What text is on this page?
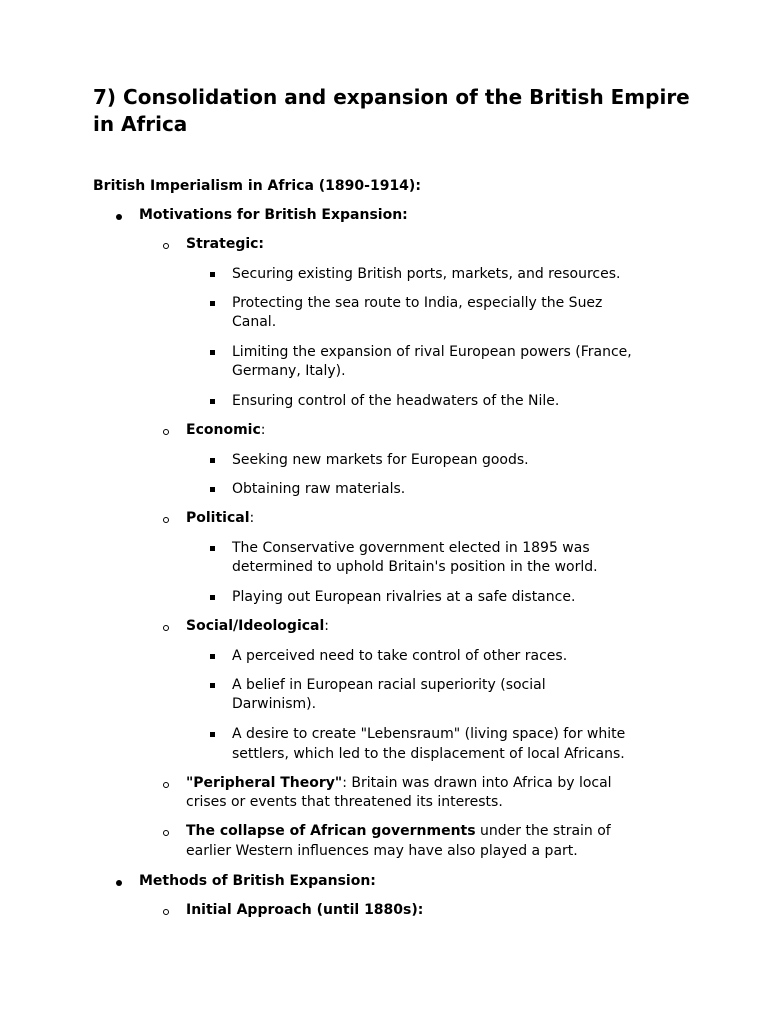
7) Consolidation and expansion of the British Empire in Africa

British Imperialism in Africa (1890-1914):

Motivations for British Expansion:
Strategic:
Securing existing British ports, markets, and resources.
Protecting the sea route to India, especially the Suez
Canal.
Limiting the expansion of rival European powers (France,
Germany, Italy).
Ensuring control of the headwaters of the Nile.
Economic:
Seeking new markets for European goods.
Obtaining raw materials.
Political:
The Conservative government elected in 1895 was
determined to uphold Britain's position in the world.
Playing out European rivalries at a safe distance.
Social/Ideological:
A perceived need to take control of other races.
A belief in European racial superiority (social
Darwinism).
A desire to create "Lebensraum" (living space) for white
settlers, which led to the displacement of local Africans.
"Peripheral Theory": Britain was drawn into Africa by local
crises or events that threatened its interests.
The collapse of African governments under the strain of
earlier Western influences may have also played a part.
Methods of British Expansion:
Initial Approach (until 1880s):
